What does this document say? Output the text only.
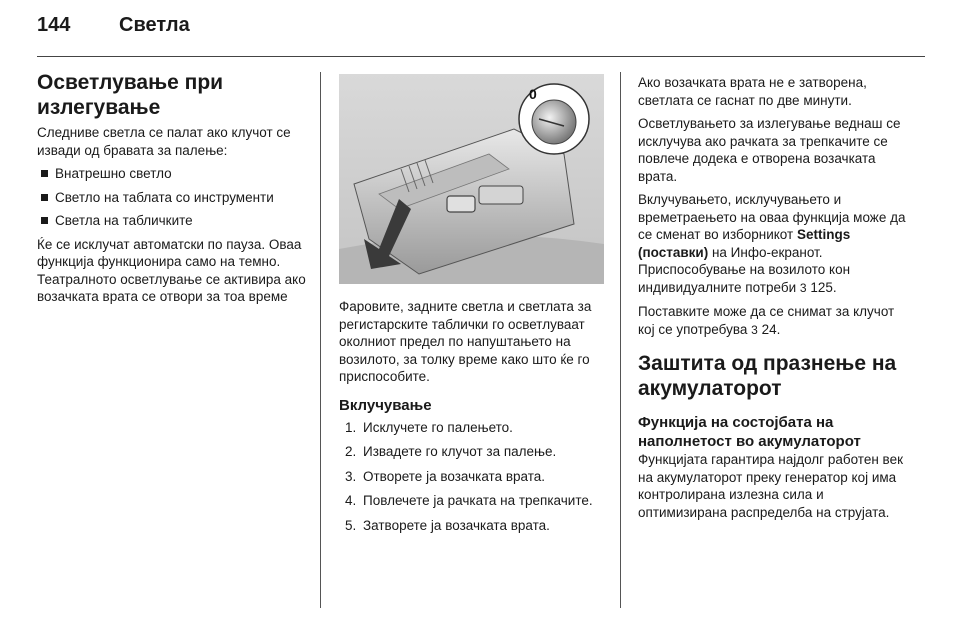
144 Светла
Осветлување при излегување

Следниве светла се палат ако клучот се извади од бравата за палење:

Внатрешно светло
Светло на таблата со инструменти
Светла на табличките

Ќе се исклучат автоматски по пауза. Оваа функција функционира само на темно. Театралното осветлување се активира ако возачката врата се отвори за тоа време

0

Фаровите, задните светла и светлата за регистарските таблички го осветлуваат околниот предел по напуштањето на возилото, за толку време како што ќе го приспособите.

Вклучување
1. Исклучете го палењето.
2. Извадете го клучот за палење.
3. Отворете ја возачката врата.
4. Повлечете ја рачката на трепкачите.
5. Затворете ја возачката врата.

Ако возачката врата не е затворена, светлата се гаснат по две минути.

Осветлувањето за излегување веднаш се исклучува ако рачката за трепкачите се повлече додека е отворена возачката врата.

Вклучувањето, исклучувањето и времетраењето на оваа функција може да се сменат во изборникот Settings (поставки) на Инфо-екранот. Приспособување на возилото кон индивидуалните потреби 3 125.

Поставките може да се снимат за клучот кој се употребува 3 24.

Заштита од празнење на акумулаторот
Функција на состојбата на наполнетост во акумулаторот

Функцијата гарантира најдолг работен век на акумулаторот преку генератор кој има контролирана излезна сила и оптимизирана распределба на струјата.
